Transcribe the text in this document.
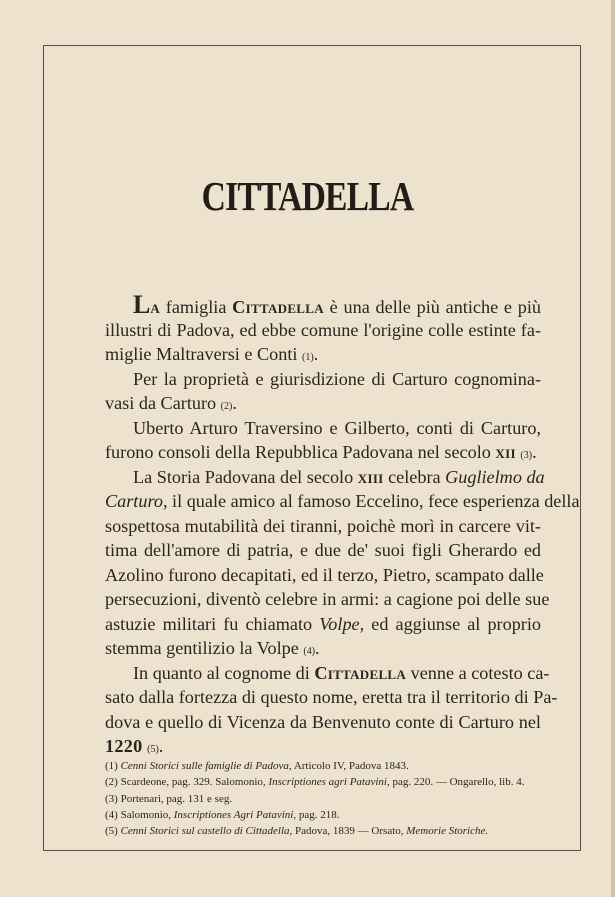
CITTADELLA
La famiglia Cittadella è una delle più antiche e più
illustri di Padova, ed ebbe comune l'origine colle estinte fa-
miglie Maltraversi e Conti (1).
Per la proprietà e giurisdizione di Carturo cognomina-
vasi da Carturo (2).
Uberto Arturo Traversino e Gilberto, conti di Carturo,
furono consoli della Repubblica Padovana nel secolo xii (3).
La Storia Padovana del secolo xiii celebra Guglielmo da
Carturo, il quale amico al famoso Eccelino, fece esperienza della
sospettosa mutabilità dei tiranni, poichè morì in carcere vit-
tima dell'amore di patria, e due de' suoi figli Gherardo ed
Azolino furono decapitati, ed il terzo, Pietro, scampato dalle
persecuzioni, diventò celebre in armi: a cagione poi delle sue
astuzie militari fu chiamato Volpe, ed aggiunse al proprio
stemma gentilizio la Volpe (4).
In quanto al cognome di Cittadella venne a cotesto ca-
sato dalla fortezza di questo nome, eretta tra il territorio di Pa-
dova e quello di Vicenza da Benvenuto conte di Carturo nel
1220 (5).
(1) Cenni Storici sulle famiglie di Padova, Articolo IV, Padova 1843.
(2) Scardeone, pag. 329. Salomonio, Inscriptiones agri Patavini, pag. 220. — Ongarello, lib. 4.
(3) Portenari, pag. 131 e seg.
(4) Salomonio, Inscriptiones Agri Patavini, pag. 218.
(5) Cenni Storici sul castello di Cittadella, Padova, 1839 — Orsato, Memorie Storiche.
